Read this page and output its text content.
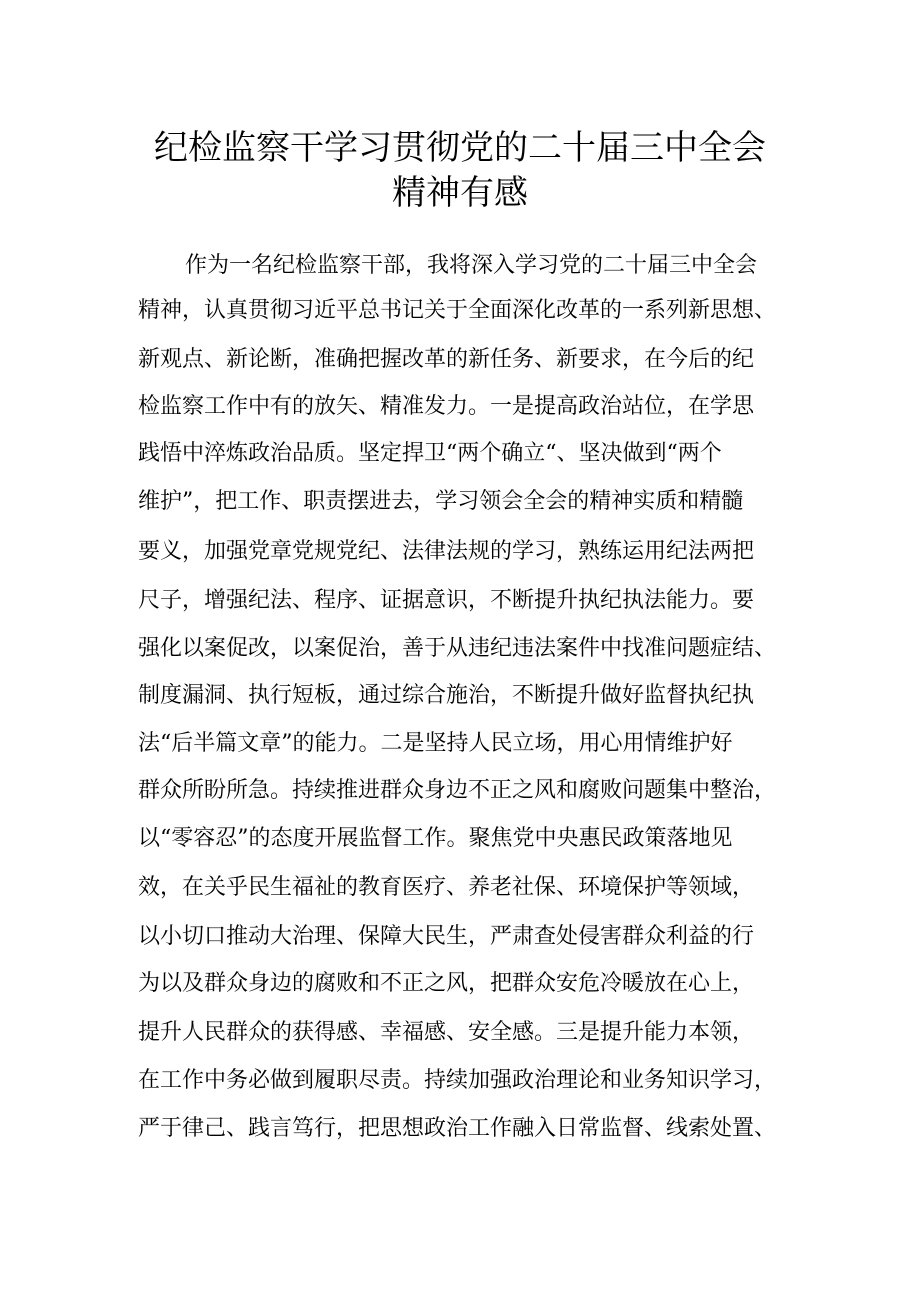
纪检监察干学习贯彻党的二十届三中全会
精神有感
作为一名纪检监察干部，我将深入学习党的二十届三中全会
精神，认真贯彻习近平总书记关于全面深化改革的一系列新思想、
新观点、新论断，准确把握改革的新任务、新要求，在今后的纪
检监察工作中有的放矢、精准发力。一是提高政治站位，在学思
践悟中淬炼政治品质。坚定捍卫“两个确立“、坚决做到“两个
维护”，把工作、职责摆进去，学习领会全会的精神实质和精髓
要义，加强党章党规党纪、法律法规的学习，熟练运用纪法两把
尺子，增强纪法、程序、证据意识，不断提升执纪执法能力。要
强化以案促改，以案促治，善于从违纪违法案件中找准问题症结、
制度漏洞、执行短板，通过综合施治，不断提升做好监督执纪执
法“后半篇文章”的能力。二是坚持人民立场，用心用情维护好
群众所盼所急。持续推进群众身边不正之风和腐败问题集中整治，
以“零容忍”的态度开展监督工作。聚焦党中央惠民政策落地见
效，在关乎民生福祉的教育医疗、养老社保、环境保护等领域，
以小切口推动大治理、保障大民生，严肃查处侵害群众利益的行
为以及群众身边的腐败和不正之风，把群众安危冷暖放在心上，
提升人民群众的获得感、幸福感、安全感。三是提升能力本领，
在工作中务必做到履职尽责。持续加强政治理论和业务知识学习，
严于律己、践言笃行，把思想政治工作融入日常监督、线索处置、
